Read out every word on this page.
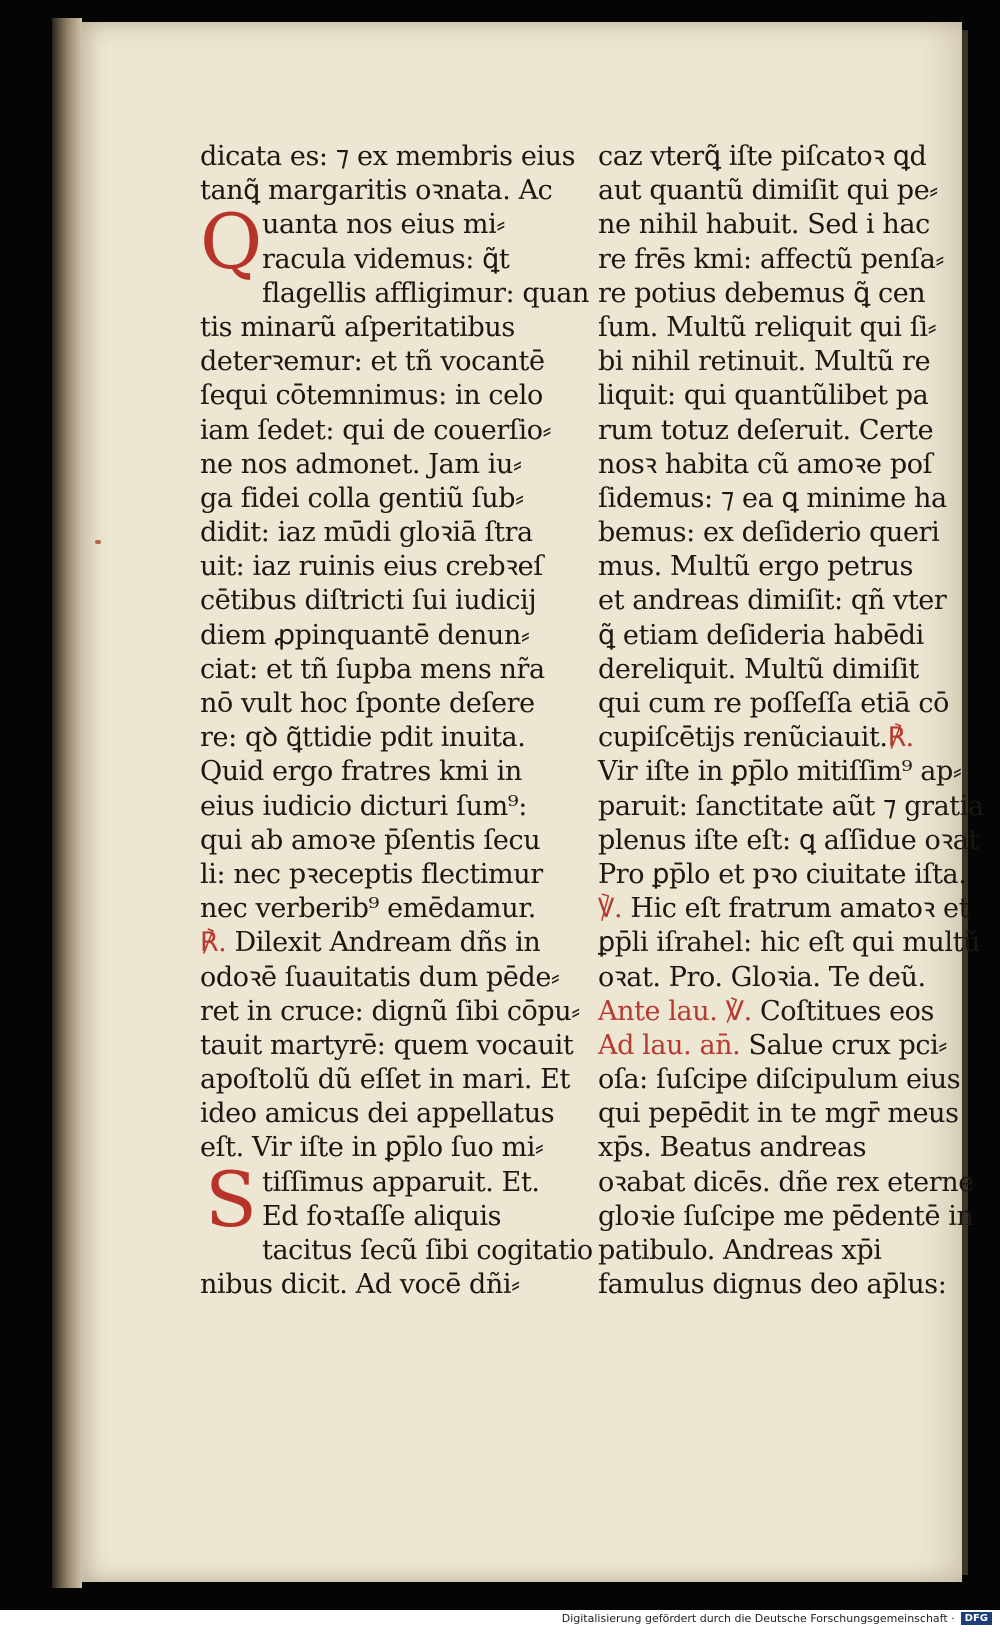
dicata es: ⁊ ex membris eius
tanꝗ̃ margaritis oꝛnata. Ac
Q uanta nos eius mi⸗
racula videmus: ꝗ̃t
flagellis affligimur: quan
tis minarũ aſperitatibus
deterꝛemur: et tñ vocantē
ſequi cōtemnimus: in celo
iam ſedet: qui de couerſio⸗
ne nos admonet. Jam iu⸗
ga fidei colla gentiũ ſub⸗
didit: iaz mūdi gloꝛiā ſtra
uit: iaz ruinis eius crebꝛeſ
cētibus diſtricti ſui iudicij
diem ꝓpinquantē denun⸗
ciat: et tñ ſupba mens nr̃a
nō vult hoc ſponte deſere
re: qꝺ ꝗ̃ttidie pdit inuita.
Quid ergo fratres kmi in
eius iudicio dicturi ſum⁹:
qui ab amoꝛe p̄ſentis ſecu
li: nec pꝛeceptis flectimur
nec verberib⁹ emēdamur.
℟. Dilexit Andream dñs in
odoꝛē ſuauitatis dum pēde⸗
ret in cruce: dignũ ſibi cōpu⸗
tauit martyrē: quem vocauit
apoſtolũ dũ eſſet in mari. Et
ideo amicus dei appellatus
eſt. Vir iſte in ꝑp̄lo ſuo mi⸗
S tiſſimus apparuit. Et.
Ed foꝛtaſſe aliquis
tacitus ſecũ ſibi cogitatio
nibus dicit. Ad vocē dñi⸗
caz vterꝗ̃ iſte piſcatoꝛ ꝗd
aut quantũ dimiſit qui pe⸗
ne nihil habuit. Sed i hac
re frēs kmi: affectũ penſa⸗
re potius debemus ꝗ̃ cen
ſum. Multũ reliquit qui ſi⸗
bi nihil retinuit. Multũ re
liquit: qui quantũlibet pa
rum totuz deſeruit. Certe
nosꝛ habita cũ amoꝛe poſ
ſidemus: ⁊ ea ꝗ minime ha
bemus: ex deſiderio queri
mus. Multũ ergo petrus
et andreas dimiſit: qñ vter
ꝗ̃ etiam deſideria habēdi
dereliquit. Multũ dimiſit
qui cum re poſſeſſa etiā cō
cupiſcētijs renũciauit.℟.
Vir iſte in ꝑp̄lo mitiſſim⁹ ap⸗
paruit: ſanctitate aũt ⁊ gratia
plenus iſte eſt: ꝗ aſſidue oꝛat
Pro ꝑp̄lo et pꝛo ciuitate iſta.
℣. Hic eſt fratrum amatoꝛ et
ꝑp̄li iſrahel: hic eſt qui multũ
oꝛat. Pro. Gloꝛia. Te deũ.
Ante lau. ℣. Coſtitues eos
Ad lau. an̄. Salue crux pci⸗
oſa: ſuſcipe diſcipulum eius
qui pepēdit in te mgr̄ meus
xp̄s. Beatus andreas
oꝛabat dicēs. dñe rex eterne
gloꝛie ſuſcipe me pēdentē in
patibulo. Andreas xp̄i
famulus dignus deo ap̄lus:
Digitalisierung gefördert durch die Deutsche Forschungsgemeinschaft ·	DFG
